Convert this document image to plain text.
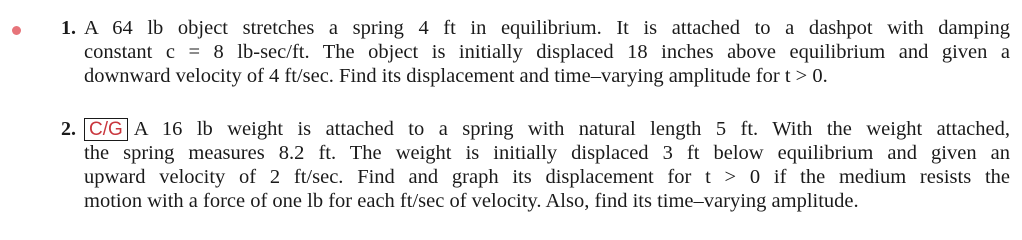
1. A 64 lb object stretches a spring 4 ft in equilibrium. It is attached to a dashpot with damping
constant c = 8 lb-sec/ft. The object is initially displaced 18 inches above equilibrium and given a
downward velocity of 4 ft/sec. Find its displacement and time–varying amplitude for t > 0.
2. C/G A 16 lb weight is attached to a spring with natural length 5 ft. With the weight attached,
the spring measures 8.2 ft. The weight is initially displaced 3 ft below equilibrium and given an
upward velocity of 2 ft/sec. Find and graph its displacement for t > 0 if the medium resists the
motion with a force of one lb for each ft/sec of velocity. Also, find its time–varying amplitude.
